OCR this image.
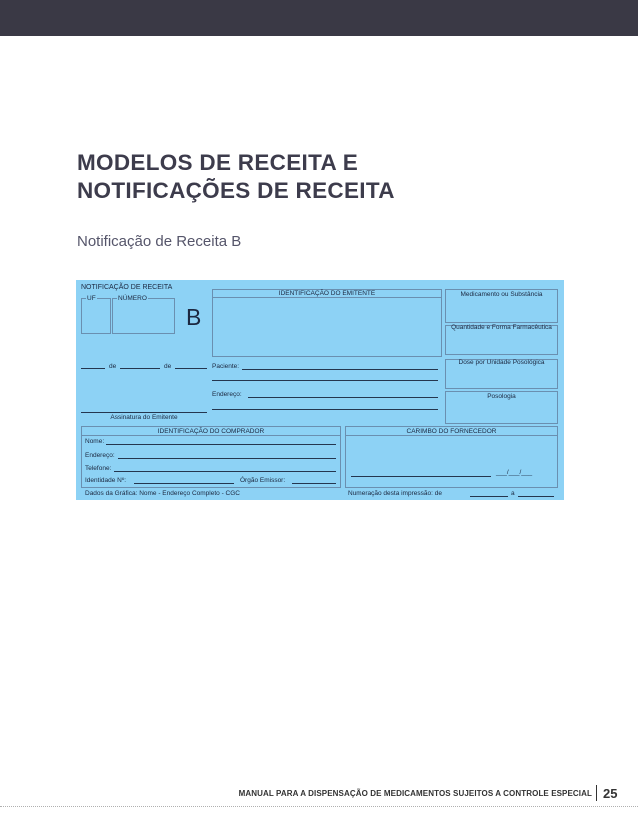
MODELOS DE RECEITA E
NOTIFICAÇÕES DE RECEITA

Notificação de Receita B

NOTIFICAÇÃO DE RECEITA
UF	NÚMERO
B
de	de
Assinatura do Emitente
IDENTIFICAÇÃO DO EMITENTE
Paciente:
Endereço:
Medicamento ou Substância
Quantidade e Forma Farmacêutica
Dose por Unidade Posológica
Posologia
IDENTIFICAÇÃO DO COMPRADOR
Nome:
Endereço:
Telefone:
Identidade Nº:	Órgão Emissor:
CARIMBO DO FORNECEDOR
___/___/___
Dados da Gráfica: Nome - Endereço Completo - CGC	Numeração desta impressão: de	a
MANUAL PARA A DISPENSAÇÃO DE MEDICAMENTOS SUJEITOS A CONTROLE ESPECIAL 25
